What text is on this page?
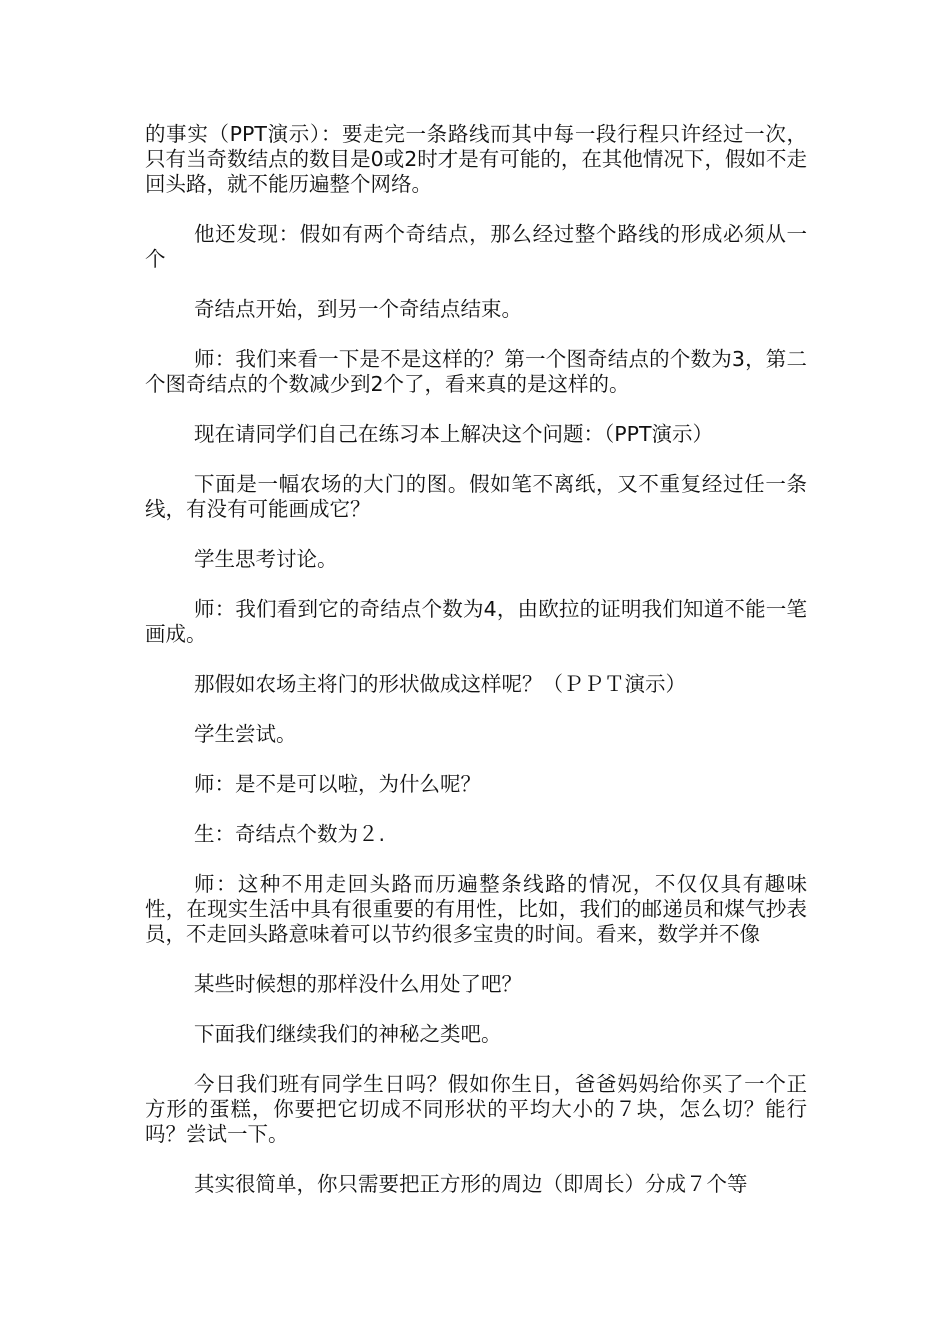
的事实（PPT演示）：要走完一条路线而其中每一段行程只许经过一次，只有当奇数结点的数目是0或2时才是有可能的，在其他情况下，假如不走回头路，就不能历遍整个网络。

他还发现：假如有两个奇结点，那么经过整个路线的形成必须从一个

奇结点开始，到另一个奇结点结束。

师：我们来看一下是不是这样的？第一个图奇结点的个数为3，第二个图奇结点的个数减少到2个了，看来真的是这样的。

现在请同学们自己在练习本上解决这个问题：（PPT演示）

下面是一幅农场的大门的图。假如笔不离纸，又不重复经过任一条线，有没有可能画成它？

学生思考讨论。

师：我们看到它的奇结点个数为4，由欧拉的证明我们知道不能一笔画成。

那假如农场主将门的形状做成这样呢？（ＰＰＴ演示）

学生尝试。

师：是不是可以啦，为什么呢？

生：奇结点个数为２.

师：这种不用走回头路而历遍整条线路的情况，不仅仅具有趣味性，在现实生活中具有很重要的有用性，比如，我们的邮递员和煤气抄表员，不走回头路意味着可以节约很多宝贵的时间。看来，数学并不像

某些时候想的那样没什么用处了吧？

下面我们继续我们的神秘之类吧。

今日我们班有同学生日吗？假如你生日，爸爸妈妈给你买了一个正方形的蛋糕，你要把它切成不同形状的平均大小的７块，怎么切？能行吗？尝试一下。

其实很简单，你只需要把正方形的周边（即周长）分成７个等
